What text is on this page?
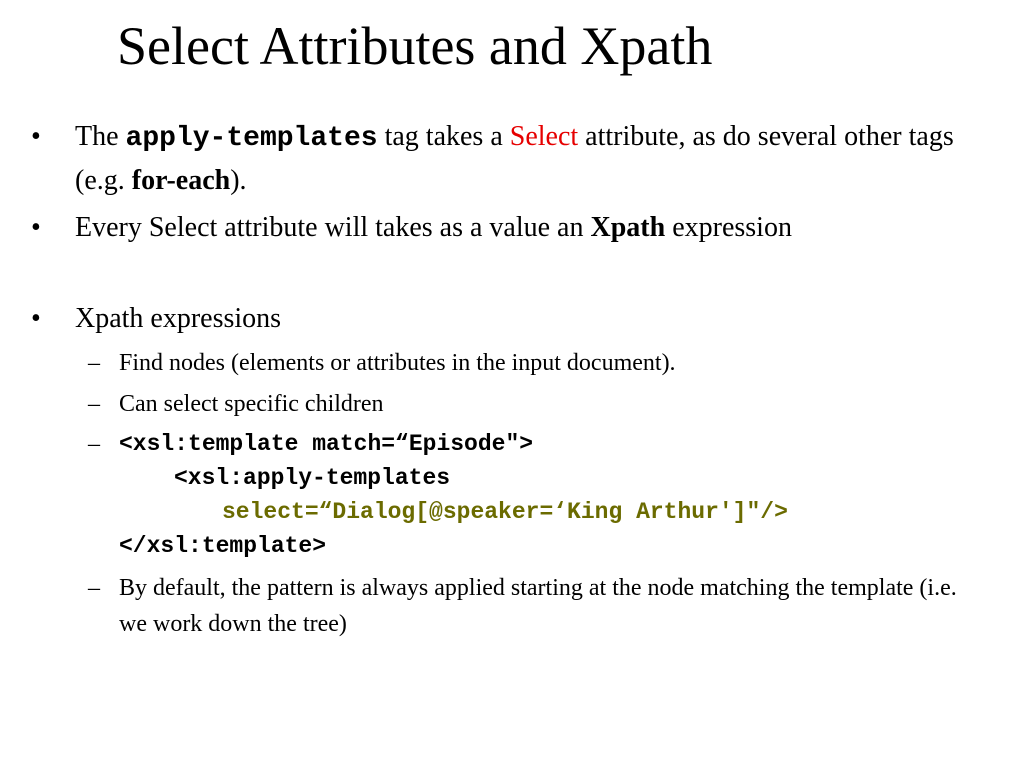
Select Attributes and Xpath
• The apply-templates tag takes a Select attribute, as do several other tags (e.g. for-each).
• Every Select attribute will takes as a value an Xpath expression
• Xpath expressions
– Find nodes (elements or attributes in the input document).
– Can select specific children
– <xsl:template match=“Episode">
<xsl:apply-templates
select=“Dialog[@speaker=‘King Arthur']"/>
</xsl:template>
– By default, the pattern is always applied starting at the node matching the template (i.e. we work down the tree)
